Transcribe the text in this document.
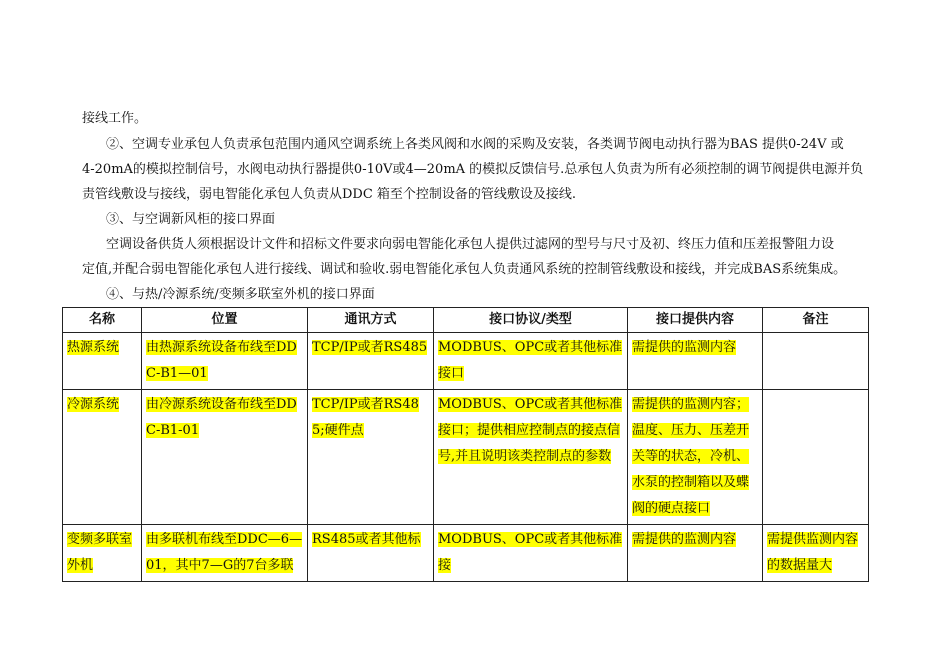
接线工作。
②、空调专业承包人负责承包范围内通风空调系统上各类风阀和水阀的采购及安装，各类调节阀电动执行器为BAS 提供0-24V 或
4-20mA的模拟控制信号，水阀电动执行器提供0-10V或4—20mA 的模拟反馈信号.总承包人负责为所有必须控制的调节阀提供电源并负
责管线敷设与接线，弱电智能化承包人负责从DDC 箱至个控制设备的管线敷设及接线.
③、与空调新风柜的接口界面
空调设备供货人须根据设计文件和招标文件要求向弱电智能化承包人提供过滤网的型号与尺寸及初、终压力值和压差报警阻力设
定值,并配合弱电智能化承包人进行接线、调试和验收.弱电智能化承包人负责通风系统的控制管线敷设和接线，并完成BAS系统集成。
④、与热/冷源系统/变频多联室外机的接口界面
名称	位置	通讯方式	接口协议/类型	接口提供内容	备注
热源系统	由热源系统设备布线至DDC-B1—01	TCP/IP或者RS485	MODBUS、OPC或者其他标准接口	需提供的监测内容	
冷源系统	由冷源系统设备布线至DDC-B1-01	TCP/IP或者RS485;硬件点	MODBUS、OPC或者其他标准接口；提供相应控制点的接点信号,并且说明该类控制点的参数	需提供的监测内容；温度、压力、压差开关等的状态，冷机、水泵的控制箱以及蝶阀的硬点接口	
变频多联室外机	由多联机布线至DDC—6—01，其中7—G的7台多联	RS485或者其他标	MODBUS、OPC或者其他标准接	需提供的监测内容	需提供监测内容的数据量大
